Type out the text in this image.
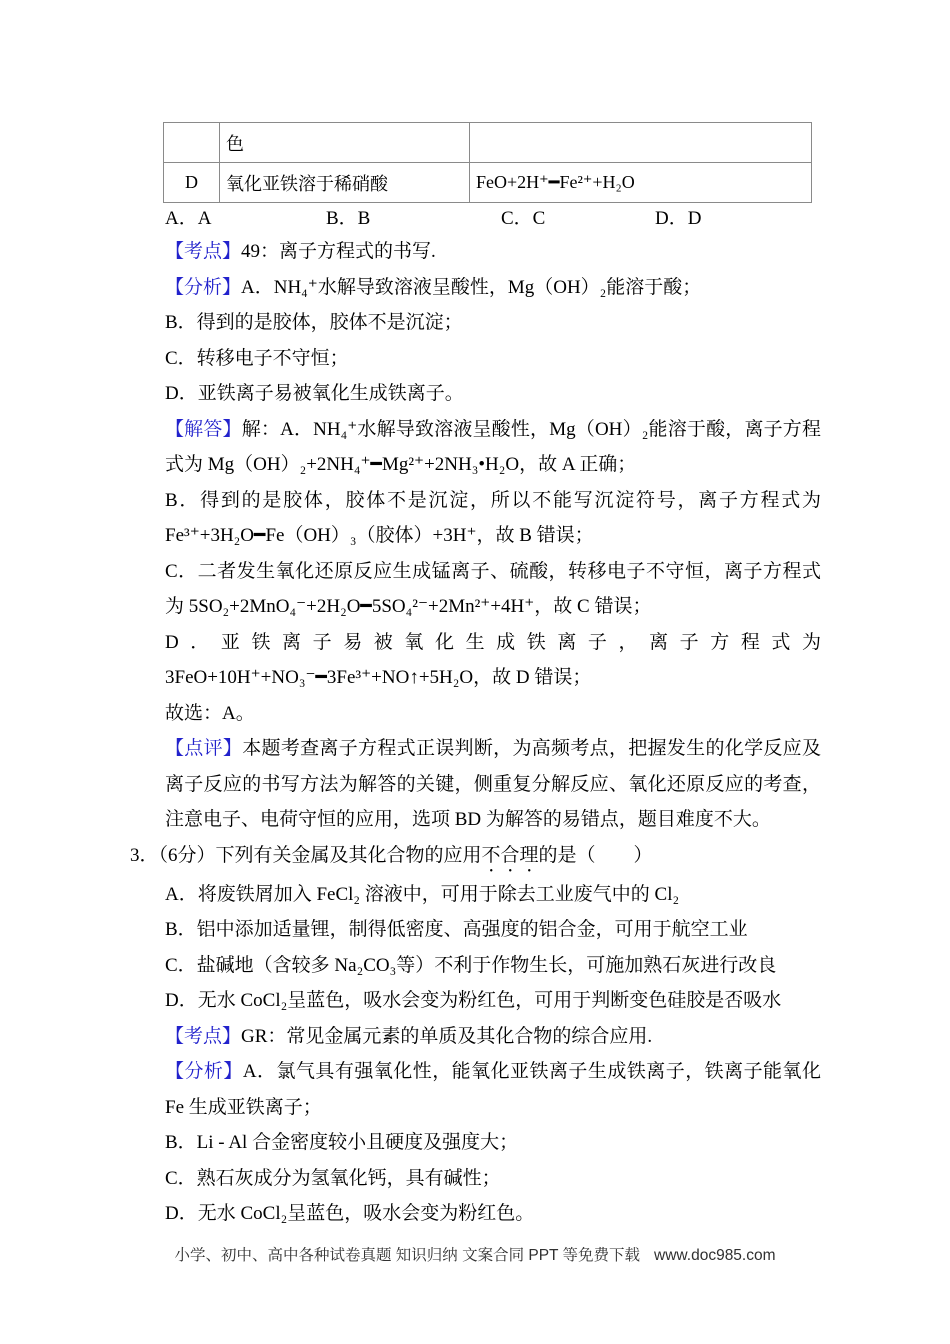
	色	
D	氧化亚铁溶于稀硝酸	FeO+2H⁺━Fe²⁺+H₂O
A．A	B．B	C．C	D．D

【考点】49：离子方程式的书写.

【分析】A．NH₄⁺水解导致溶液呈酸性，Mg（OH）₂能溶于酸；

B．得到的是胶体，胶体不是沉淀；

C．转移电子不守恒；

D．亚铁离子易被氧化生成铁离子。

【解答】解：A．NH₄⁺水解导致溶液呈酸性，Mg（OH）₂能溶于酸，离子方程式为 Mg（OH）₂+2NH₄⁺━Mg²⁺+2NH₃•H₂O，故 A 正确；

B．得到的是胶体，胶体不是沉淀，所以不能写沉淀符号，离子方程式为 Fe³⁺+3H₂O━Fe（OH）₃（胶体）+3H⁺，故 B 错误；

C．二者发生氧化还原反应生成锰离子、硫酸，转移电子不守恒，离子方程式为 5SO₂+2MnO₄⁻+2H₂O━5SO₄²⁻+2Mn²⁺+4H⁺，故 C 错误；

D．亚铁离子易被氧化生成铁离子，离子方程式为 3FeO+10H⁺+NO₃⁻━3Fe³⁺+NO↑+5H₂O，故 D 错误；

故选：A。

【点评】本题考查离子方程式正误判断，为高频考点，把握发生的化学反应及离子反应的书写方法为解答的关键，侧重复分解反应、氧化还原反应的考查，注意电子、电荷守恒的应用，选项 BD 为解答的易错点，题目难度不大。

3．（6分）下列有关金属及其化合物的应用不合理的是（　　）

A．将废铁屑加入 FeCl₂ 溶液中，可用于除去工业废气中的 Cl₂

B．铝中添加适量锂，制得低密度、高强度的铝合金，可用于航空工业

C．盐碱地（含较多 Na₂CO₃等）不利于作物生长，可施加熟石灰进行改良

D．无水 CoCl₂呈蓝色，吸水会变为粉红色，可用于判断变色硅胶是否吸水

【考点】GR：常见金属元素的单质及其化合物的综合应用.

【分析】A．氯气具有强氧化性，能氧化亚铁离子生成铁离子，铁离子能氧化 Fe 生成亚铁离子；

B．Li - Al 合金密度较小且硬度及强度大；

C．熟石灰成分为氢氧化钙，具有碱性；

D．无水 CoCl₂呈蓝色，吸水会变为粉红色。

小学、初中、高中各种试卷真题 知识归纳 文案合同 PPT 等免费下载 www.doc985.com
